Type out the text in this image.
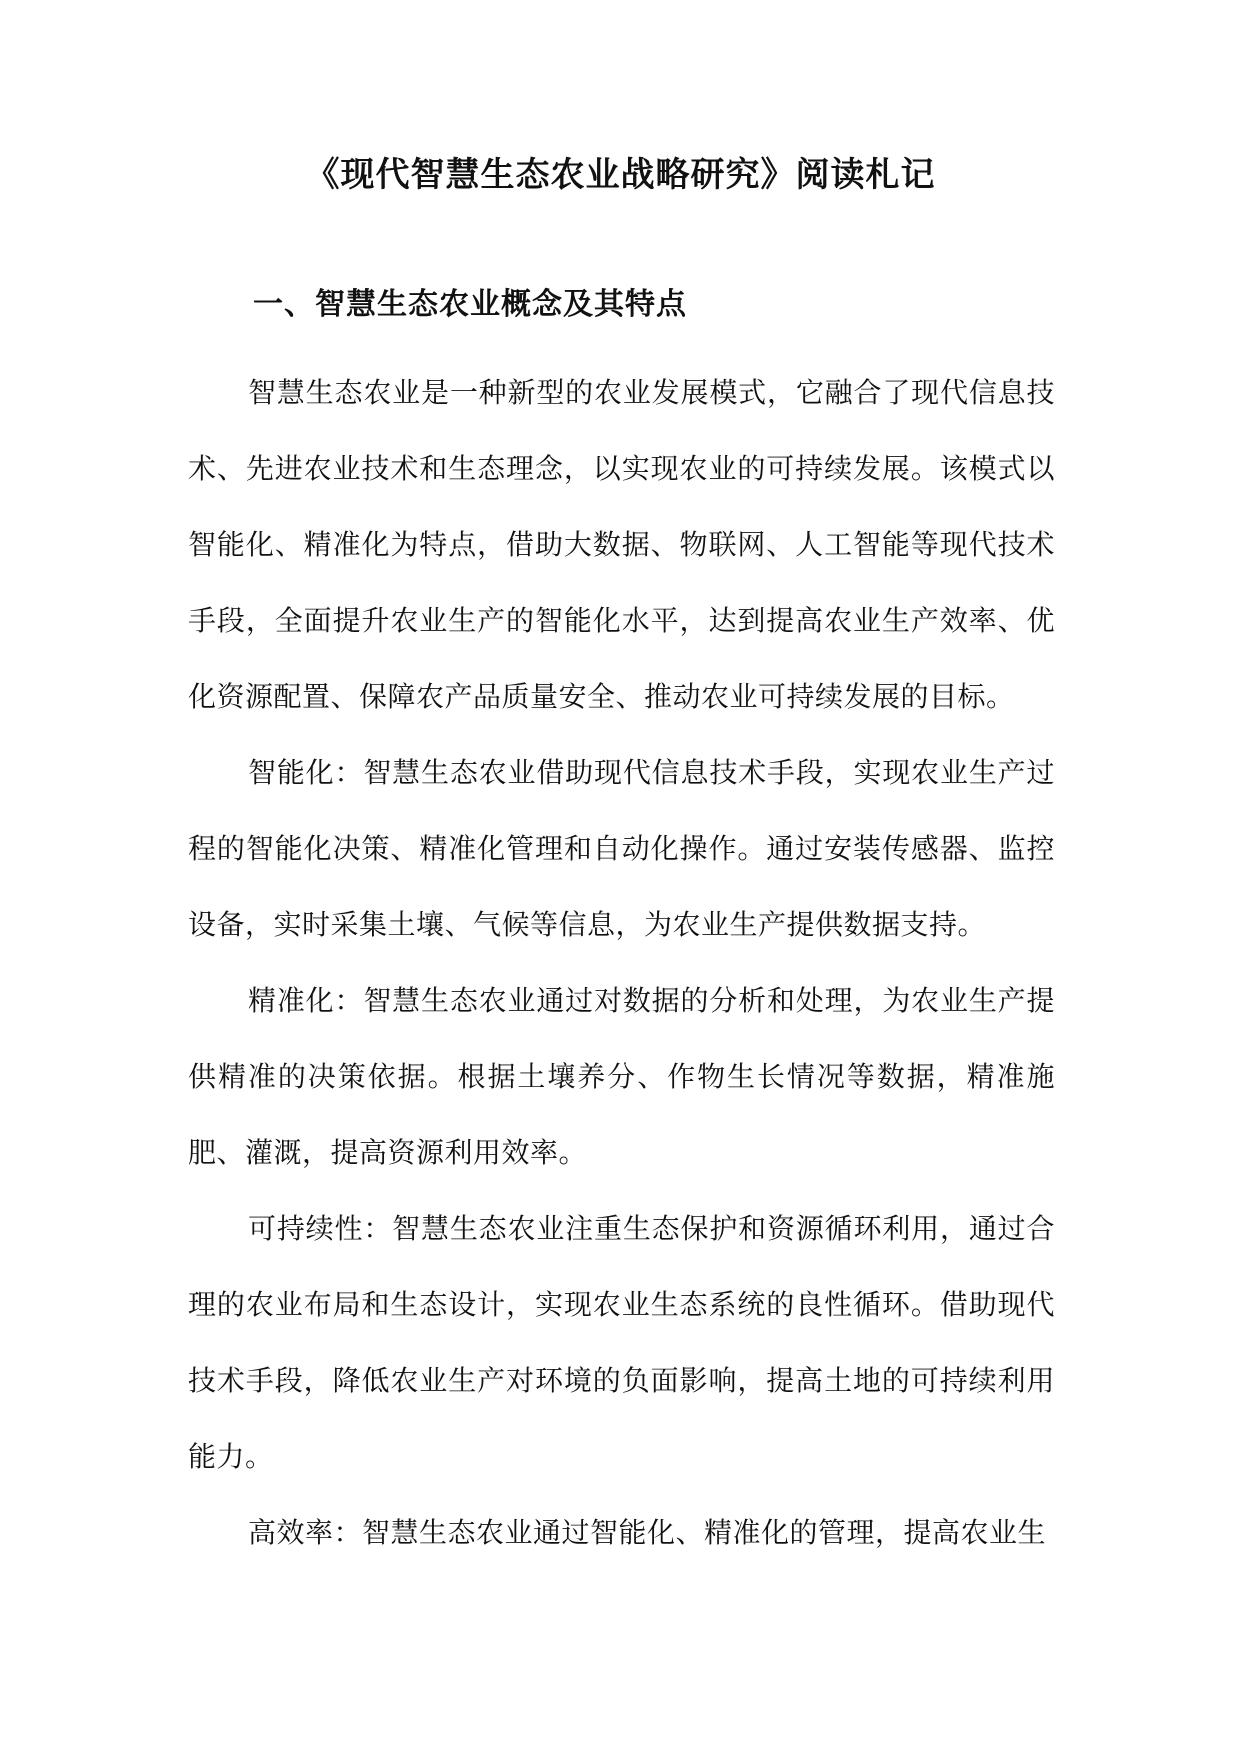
《现代智慧生态农业战略研究》阅读札记
一、智慧生态农业概念及其特点

智慧生态农业是一种新型的农业发展模式，它融合了现代信息技术、先进农业技术和生态理念，以实现农业的可持续发展。该模式以智能化、精准化为特点，借助大数据、物联网、人工智能等现代技术手段，全面提升农业生产的智能化水平，达到提高农业生产效率、优化资源配置、保障农产品质量安全、推动农业可持续发展的目标。

智能化：智慧生态农业借助现代信息技术手段，实现农业生产过程的智能化决策、精准化管理和自动化操作。通过安装传感器、监控设备，实时采集土壤、气候等信息，为农业生产提供数据支持。

精准化：智慧生态农业通过对数据的分析和处理，为农业生产提供精准的决策依据。根据土壤养分、作物生长情况等数据，精准施肥、灌溉，提高资源利用效率。

可持续性：智慧生态农业注重生态保护和资源循环利用，通过合理的农业布局和生态设计，实现农业生态系统的良性循环。借助现代技术手段，降低农业生产对环境的负面影响，提高土地的可持续利用能力。

高效率：智慧生态农业通过智能化、精准化的管理，提高农业生
